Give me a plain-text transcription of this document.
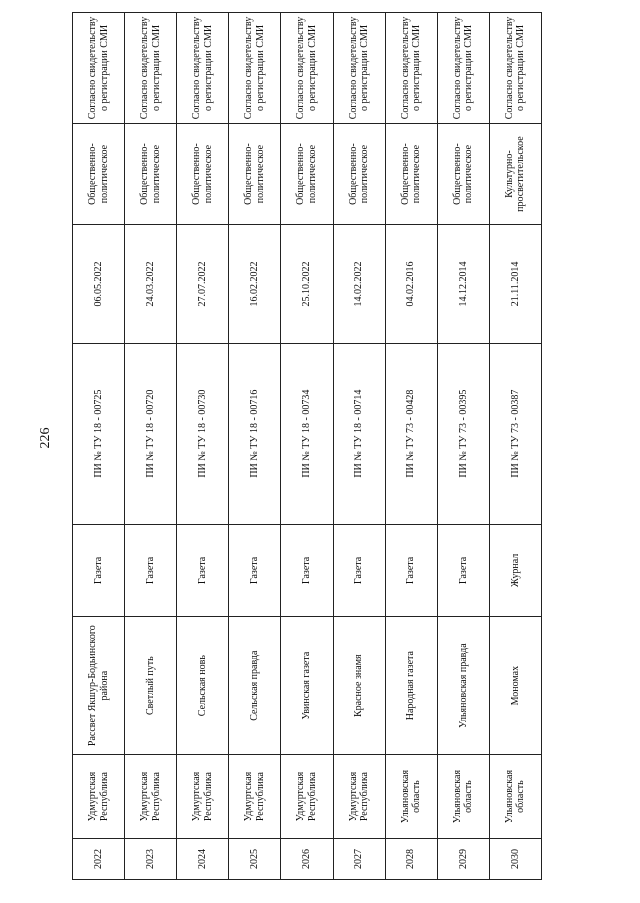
226
2022	Удмуртская Республика	Рассвет Якшур-Бодьинского района	Газета	ПИ № ТУ 18 - 00725	06.05.2022	Общественно-политическое	Согласно свидетельству о регистрации СМИ
2023	Удмуртская Республика	Светлый путь	Газета	ПИ № ТУ 18 - 00720	24.03.2022	Общественно-политическое	Согласно свидетельству о регистрации СМИ
2024	Удмуртская Республика	Сельская новь	Газета	ПИ № ТУ 18 - 00730	27.07.2022	Общественно-политическое	Согласно свидетельству о регистрации СМИ
2025	Удмуртская Республика	Сельская правда	Газета	ПИ № ТУ 18 - 00716	16.02.2022	Общественно-политическое	Согласно свидетельству о регистрации СМИ
2026	Удмуртская Республика	Увинская газета	Газета	ПИ № ТУ 18 - 00734	25.10.2022	Общественно-политическое	Согласно свидетельству о регистрации СМИ
2027	Удмуртская Республика	Красное знамя	Газета	ПИ № ТУ 18 - 00714	14.02.2022	Общественно-политическое	Согласно свидетельству о регистрации СМИ
2028	Ульяновская область	Народная газета	Газета	ПИ № ТУ 73 - 00428	04.02.2016	Общественно-политическое	Согласно свидетельству о регистрации СМИ
2029	Ульяновская область	Ульяновская правда	Газета	ПИ № ТУ 73 - 00395	14.12.2014	Общественно-политическое	Согласно свидетельству о регистрации СМИ
2030	Ульяновская область	Мономах	Журнал	ПИ № ТУ 73 - 00387	21.11.2014	Культурно-просветительское	Согласно свидетельству о регистрации СМИ
